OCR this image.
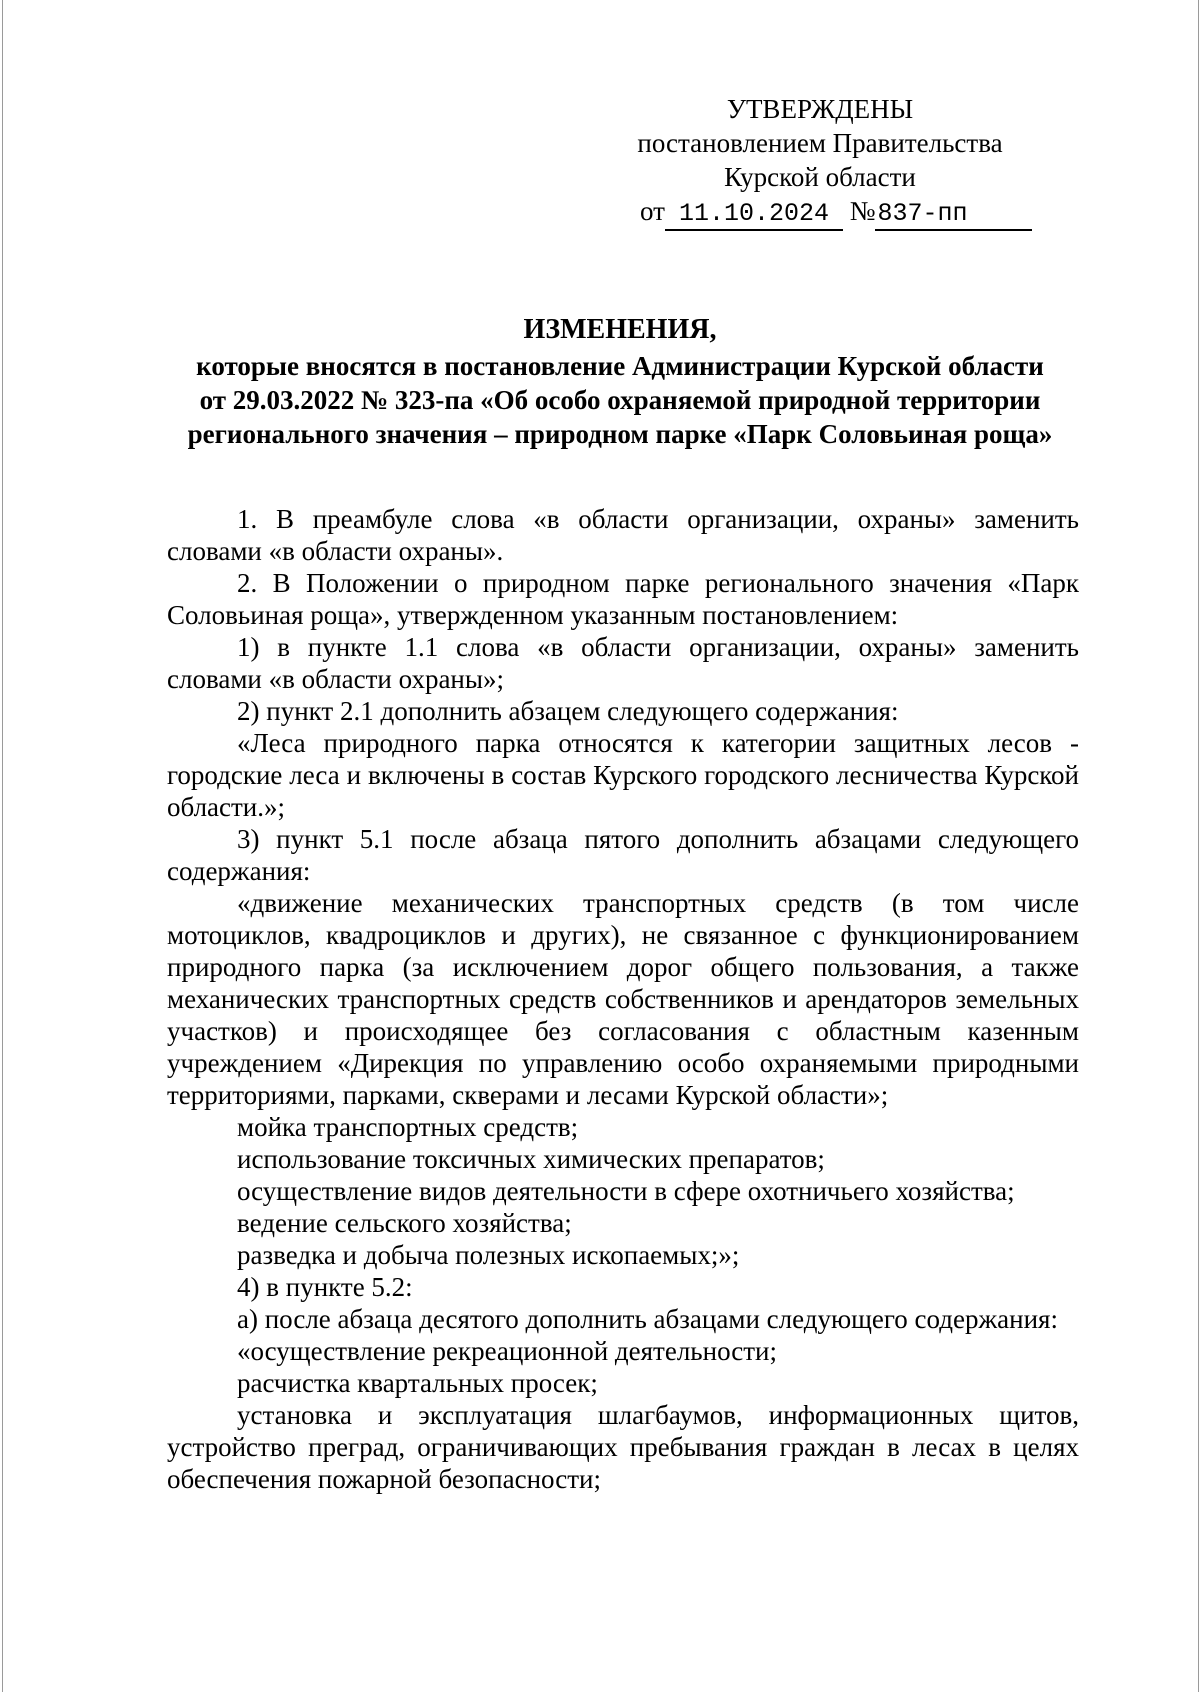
УТВЕРЖДЕНЫ
постановлением Правительства
Курской области
от 11.10.2024 №837-пп
ИЗМЕНЕНИЯ,
которые вносятся в постановление Администрации Курской области
от 29.03.2022 № 323-па «Об особо охраняемой природной территории
регионального значения – природном парке «Парк Соловьиная роща»

1. В преамбуле слова «в области организации, охраны» заменить словами «в области охраны».

2. В Положении о природном парке регионального значения «Парк Соловьиная роща», утвержденном указанным постановлением:

1) в пункте 1.1 слова «в области организации, охраны» заменить словами «в области охраны»;

2) пункт 2.1 дополнить абзацем следующего содержания:

«Леса природного парка относятся к категории защитных лесов - городские леса и включены в состав Курского городского лесничества Курской области.»;

3) пункт 5.1 после абзаца пятого дополнить абзацами следующего содержания:

«движение механических транспортных средств (в том числе мотоциклов, квадроциклов и других), не связанное с функционированием природного парка (за исключением дорог общего пользования, а также механических транспортных средств собственников и арендаторов земельных участков) и происходящее без согласования с областным казенным учреждением «Дирекция по управлению особо охраняемыми природными территориями, парками, скверами и лесами Курской области»;

мойка транспортных средств;

использование токсичных химических препаратов;

осуществление видов деятельности в сфере охотничьего хозяйства;

ведение сельского хозяйства;

разведка и добыча полезных ископаемых;»;

4) в пункте 5.2:

а) после абзаца десятого дополнить абзацами следующего содержания:

«осуществление рекреационной деятельности;

расчистка квартальных просек;

установка и эксплуатация шлагбаумов, информационных щитов, устройство преград, ограничивающих пребывания граждан в лесах в целях обеспечения пожарной безопасности;
